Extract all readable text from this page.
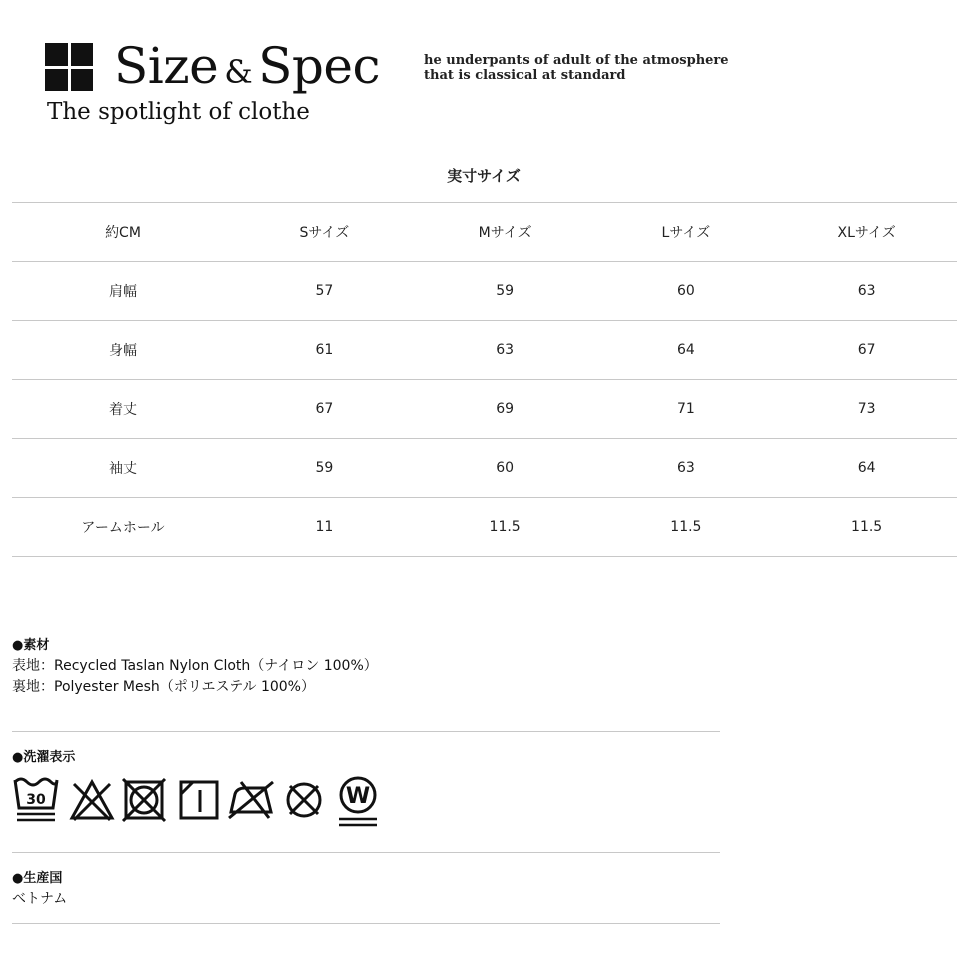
Size & Spec
The spotlight of clothe
he underpants of adult of the atmosphere
that is classical at standard
実寸サイズ
約CM	Sサイズ	Mサイズ	Lサイズ	XLサイズ
肩幅	57	59	60	63
身幅	61	63	64	67
着丈	67	69	71	73
袖丈	59	60	63	64
アームホール	11	11.5	11.5	11.5
●素材
表地：Recycled Taslan Nylon Cloth（ナイロン 100%）
裏地：Polyester Mesh（ポリエステル 100%）
●洗濯表示
30	W
●生産国
ベトナム
